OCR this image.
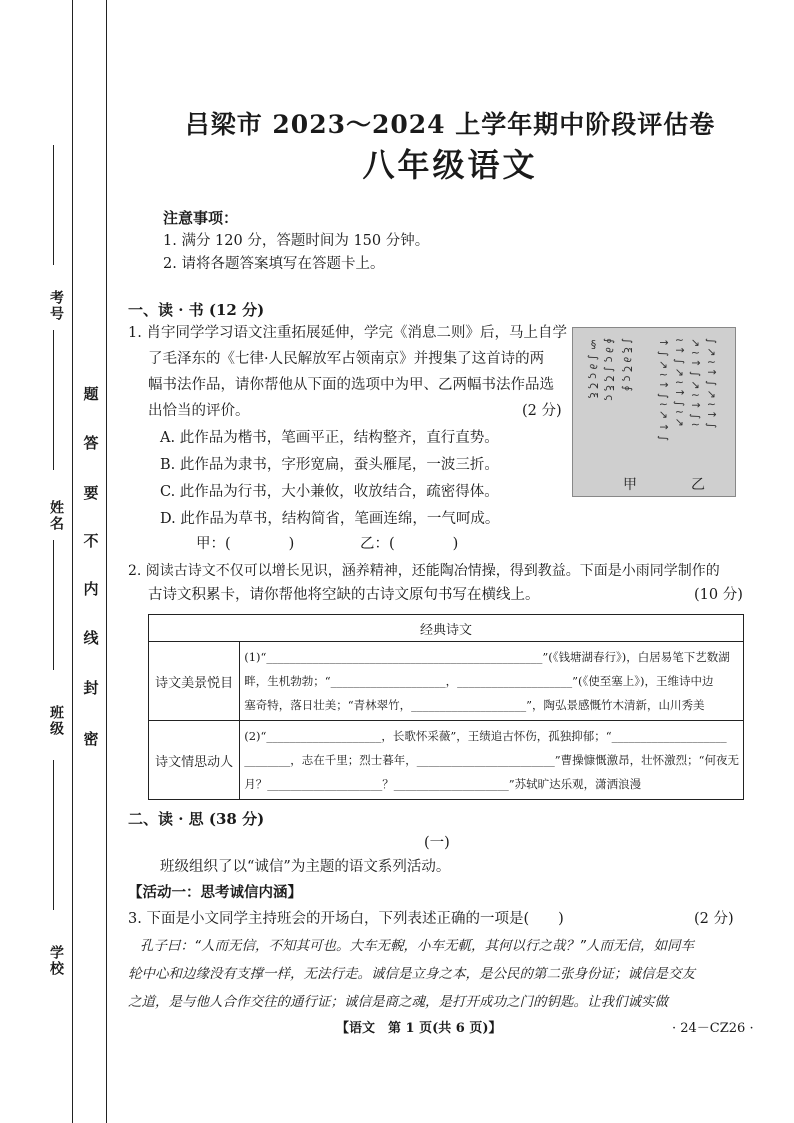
考号
姓名
班级
学校
题
答
要
不
内
线
封
密
吕梁市 2023～2024 上学年期中阶段评估卷
八年级语文
注意事项：
1. 满分 120 分，答题时间为 150 分钟。
2. 请将各题答案填写在答题卡上。
一、读 · 书 (12 分)
1. 肖宇同学学习语文注重拓展延伸，学完《消息二则》后，马上自学
了毛泽东的《七律·人民解放军占领南京》并搜集了这首诗的两
幅书法作品，请你帮他从下面的选项中为甲、乙两幅书法作品选
出恰当的评价。	(2 分)
A. 此作品为楷书，笔画平正，结构整齐，直行直势。
B. 此作品为隶书，字形宽扁，蚕头雁尾，一波三折。
C. 此作品为行书，大小兼攸，收放结合，疏密得体。
D. 此作品为草书，结构简省，笔画连绵，一气呵成。
甲：(　　　　)	乙：(　　　　)
§ ∫ ∂ ς ζ ξ ∮ ∂ ς ∫ ζ ξ ς ∫ ξ ∂ ζ ς ∮ ↑ ∫ ↗ ≀ ↑ ∫ ≀ ↗ ↑ ∫ ≀ ↑ ∫ ↗ ≀ ↑ ∫ ≀ ↗ ↗ ≀ ↑ ∫ ↗ ≀ ↑ ∫ ≀ ∫ ↗ ≀ ↑ ∫ ↗ ≀ ↑ ∫
甲	乙
2. 阅读古诗文不仅可以增长见识，涵养精神，还能陶冶情操，得到教益。下面是小雨同学制作的
古诗文积累卡，请你帮他将空缺的古诗文原句书写在横线上。	(10 分)
经典诗文	
诗文美景悦目	(1)“________________________________________________”(《钱塘湖春行》)，白居易笔下艺数湖
畔，生机勃勃；“____________________，____________________”(《使至塞上》)，王维诗中边
塞奇特，落日壮美；“青林翠竹，____________________”，陶弘景感慨竹木清新，山川秀美

诗文情思动人	(2)“____________________，长歌怀采薇”，王绩追古怀伤，孤独抑郁；“____________________
________，志在千里；烈士暮年，________________________”曹操慷慨激昂，壮怀激烈；“何夜无
月？____________________？____________________”苏轼旷达乐观，潇洒浪漫
二、读 · 思 (38 分)
(一)
班级组织了以“诚信”为主题的语文系列活动。
【活动一：思考诚信内涵】
3. 下面是小文同学主持班会的开场白，下列表述正确的一项是(　　)	(2 分)
孔子曰：“人而无信，不知其可也。大车无輗，小车无軏，其何以行之哉？”人而无信，如同车
轮中心和边缘没有支撑一样，无法行走。诚信是立身之本，是公民的第二张身份证；诚信是交友
之道，是与他人合作交往的通行证；诚信是商之魂，是打开成功之门的钥匙。让我们诚实做
【语文　第 1 页(共 6 页)】	· 24－CZ26 ·
